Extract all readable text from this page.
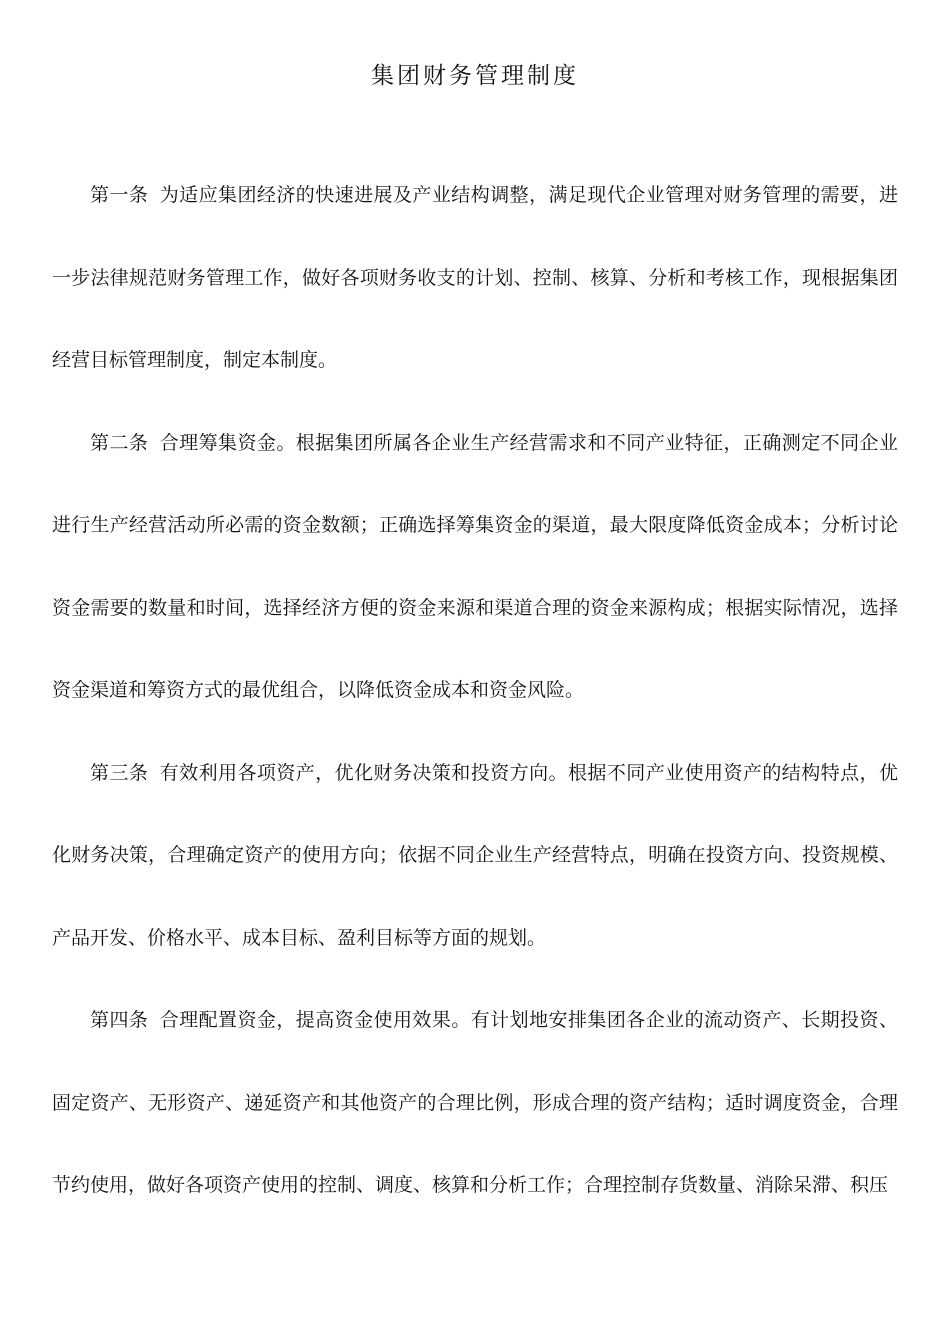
集团财务管理制度

第一条 为适应集团经济的快速进展及产业结构调整，满足现代企业管理对财务管理的需要，进一步法律规范财务管理工作，做好各项财务收支的计划、控制、核算、分析和考核工作，现根据集团经营目标管理制度，制定本制度。

第二条 合理筹集资金。根据集团所属各企业生产经营需求和不同产业特征，正确测定不同企业进行生产经营活动所必需的资金数额；正确选择筹集资金的渠道，最大限度降低资金成本；分析讨论资金需要的数量和时间，选择经济方便的资金来源和渠道合理的资金来源构成；根据实际情况，选择资金渠道和筹资方式的最优组合，以降低资金成本和资金风险。

第三条 有效利用各项资产，优化财务决策和投资方向。根据不同产业使用资产的结构特点，优化财务决策，合理确定资产的使用方向；依据不同企业生产经营特点，明确在投资方向、投资规模、产品开发、价格水平、成本目标、盈利目标等方面的规划。

第四条 合理配置资金，提高资金使用效果。有计划地安排集团各企业的流动资产、长期投资、固定资产、无形资产、递延资产和其他资产的合理比例，形成合理的资产结构；适时调度资金，合理节约使用，做好各项资产使用的控制、调度、核算和分析工作；合理控制存货数量、消除呆滞、积压
